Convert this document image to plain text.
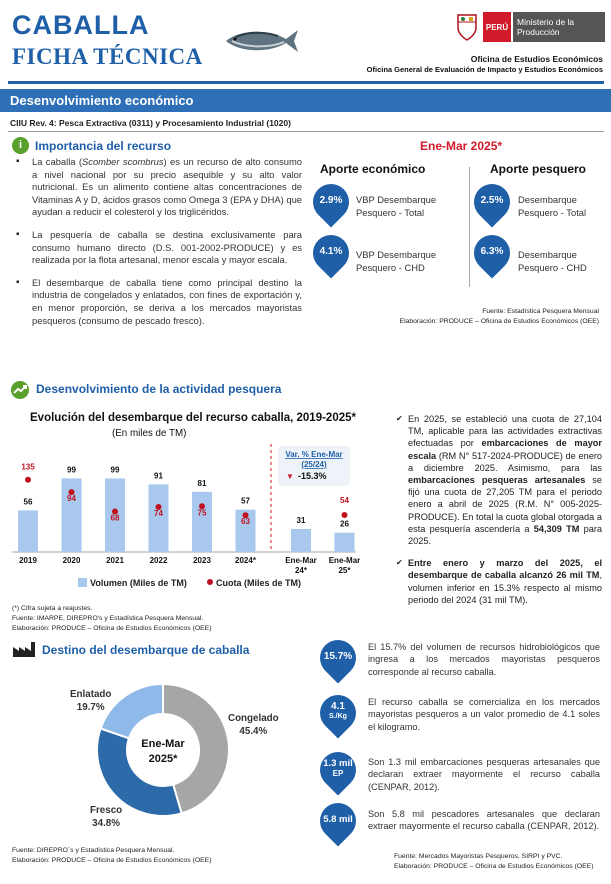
CABALLA
FICHA TÉCNICA
PERÚ	Ministerio de la Producción
Oficina de Estudios Económicos
Oficina General de Evaluación de Impacto y Estudios Económicos
Desenvolvimiento económico
CIIU Rev. 4: Pesca Extractiva (0311) y Procesamiento Industrial (1020)
i	Importancia del recurso
▪ La caballa (Scomber scombrus) es un recurso de alto consumo a nivel nacional por su precio asequible y su alto valor nutricional. Es un alimento contiene altas concentraciones de Vitaminas A y D, ácidos grasos como Omega 3 (EPA y DHA) que ayudan a reducir el colesterol y los triglicéridos.
▪ La pesquería de caballa se destina exclusivamente para consumo humano directo (D.S. 001-2002-PRODUCE) y es realizada por la flota artesanal, menor escala y mayor escala.
▪ El desembarque de caballa tiene como principal destino la industria de congelados y enlatados, con fines de exportación y, en menor proporción, se deriva a los mercados mayoristas pesqueros (consumo de pescado fresco).
Ene-Mar 2025*
Aporte económico	Aporte pesquero
2.9%	VBP Desembarque
Pesquero - Total
4.1%	VBP Desembarque
Pesquero - CHD
2.5%	Desembarque
Pesquero - Total
6.3%	Desembarque
Pesquero - CHD
Fuente: Estadística Pesquera Mensual
Elaboración: PRODUCE – Oficina de Estudios Económicos (OEE)
Desenvolvimiento de la actividad pesquera
Evolución del desembarque del recurso caballa, 2019-2025*
(En miles de TM)
Var. % Ene-Mar
(25/24)
▼ -15.3%
56
135
2019
99
94
2020
99
68
2021
91
74
2022
81
75
2023
57
63
2024*
31
Ene-Mar
24*
26
54
Ene-Mar
25*
Volumen (Miles de TM)	Cuota (Miles de TM)
✔ En 2025, se estableció una cuota de 27,104 TM, aplicable para las actividades extractivas efectuadas por embarcaciones de mayor escala (RM N° 517-2024-PRODUCE) de enero a diciembre 2025. Asimismo, para las embarcaciones pesqueras artesanales se fijó una cuota de 27,205 TM para el periodo enero a abril de 2025 (R.M. N° 005-2025-PRODUCE). En total la cuota global otorgada a esta pesquería ascendería a 54,309 TM para 2025.
✔ Entre enero y marzo del 2025, el desembarque de caballa alcanzó 26 mil TM, volumen inferior en 15.3% respecto al mismo periodo del 2024 (31 mil TM).
(*) Cifra sujeta a reajustes.
Fuente: IMARPE, DIREPRO's y Estadística Pesquera Mensual.
Elaboración: PRODUCE – Oficina de Estudios Económicos (OEE)
Destino del desembarque de caballa
Ene-Mar
2025*
Enlatado
19.7%
Congelado
45.4%
Fresco
34.8%
Fuente: DIREPRO´s y Estadística Pesquera Mensual.
Elaboración: PRODUCE – Oficina de Estudios Económicos (OEE)
15.7%
El 15.7% del volumen de recursos hidrobiológicos que ingresa a los mercados mayoristas pesqueros corresponde al recurso caballa.
4.1
S./Kg
El recurso caballa se comercializa en los mercados mayoristas pesqueros a un valor promedio de 4.1 soles el kilogramo.
1.3 mil
EP
Son 1.3 mil embarcaciones pesqueras artesanales que declaran extraer mayormente el recurso caballa (CENPAR, 2012).
5.8 mil	Son 5.8 mil pescadores artesanales que declaran extraer mayormente el recurso caballa (CENPAR, 2012).
Fuente: Mercados Mayoristas Pesqueros, SIRPI y PVC.
Elaboración: PRODUCE – Oficina de Estudios Económicos (OEE)
